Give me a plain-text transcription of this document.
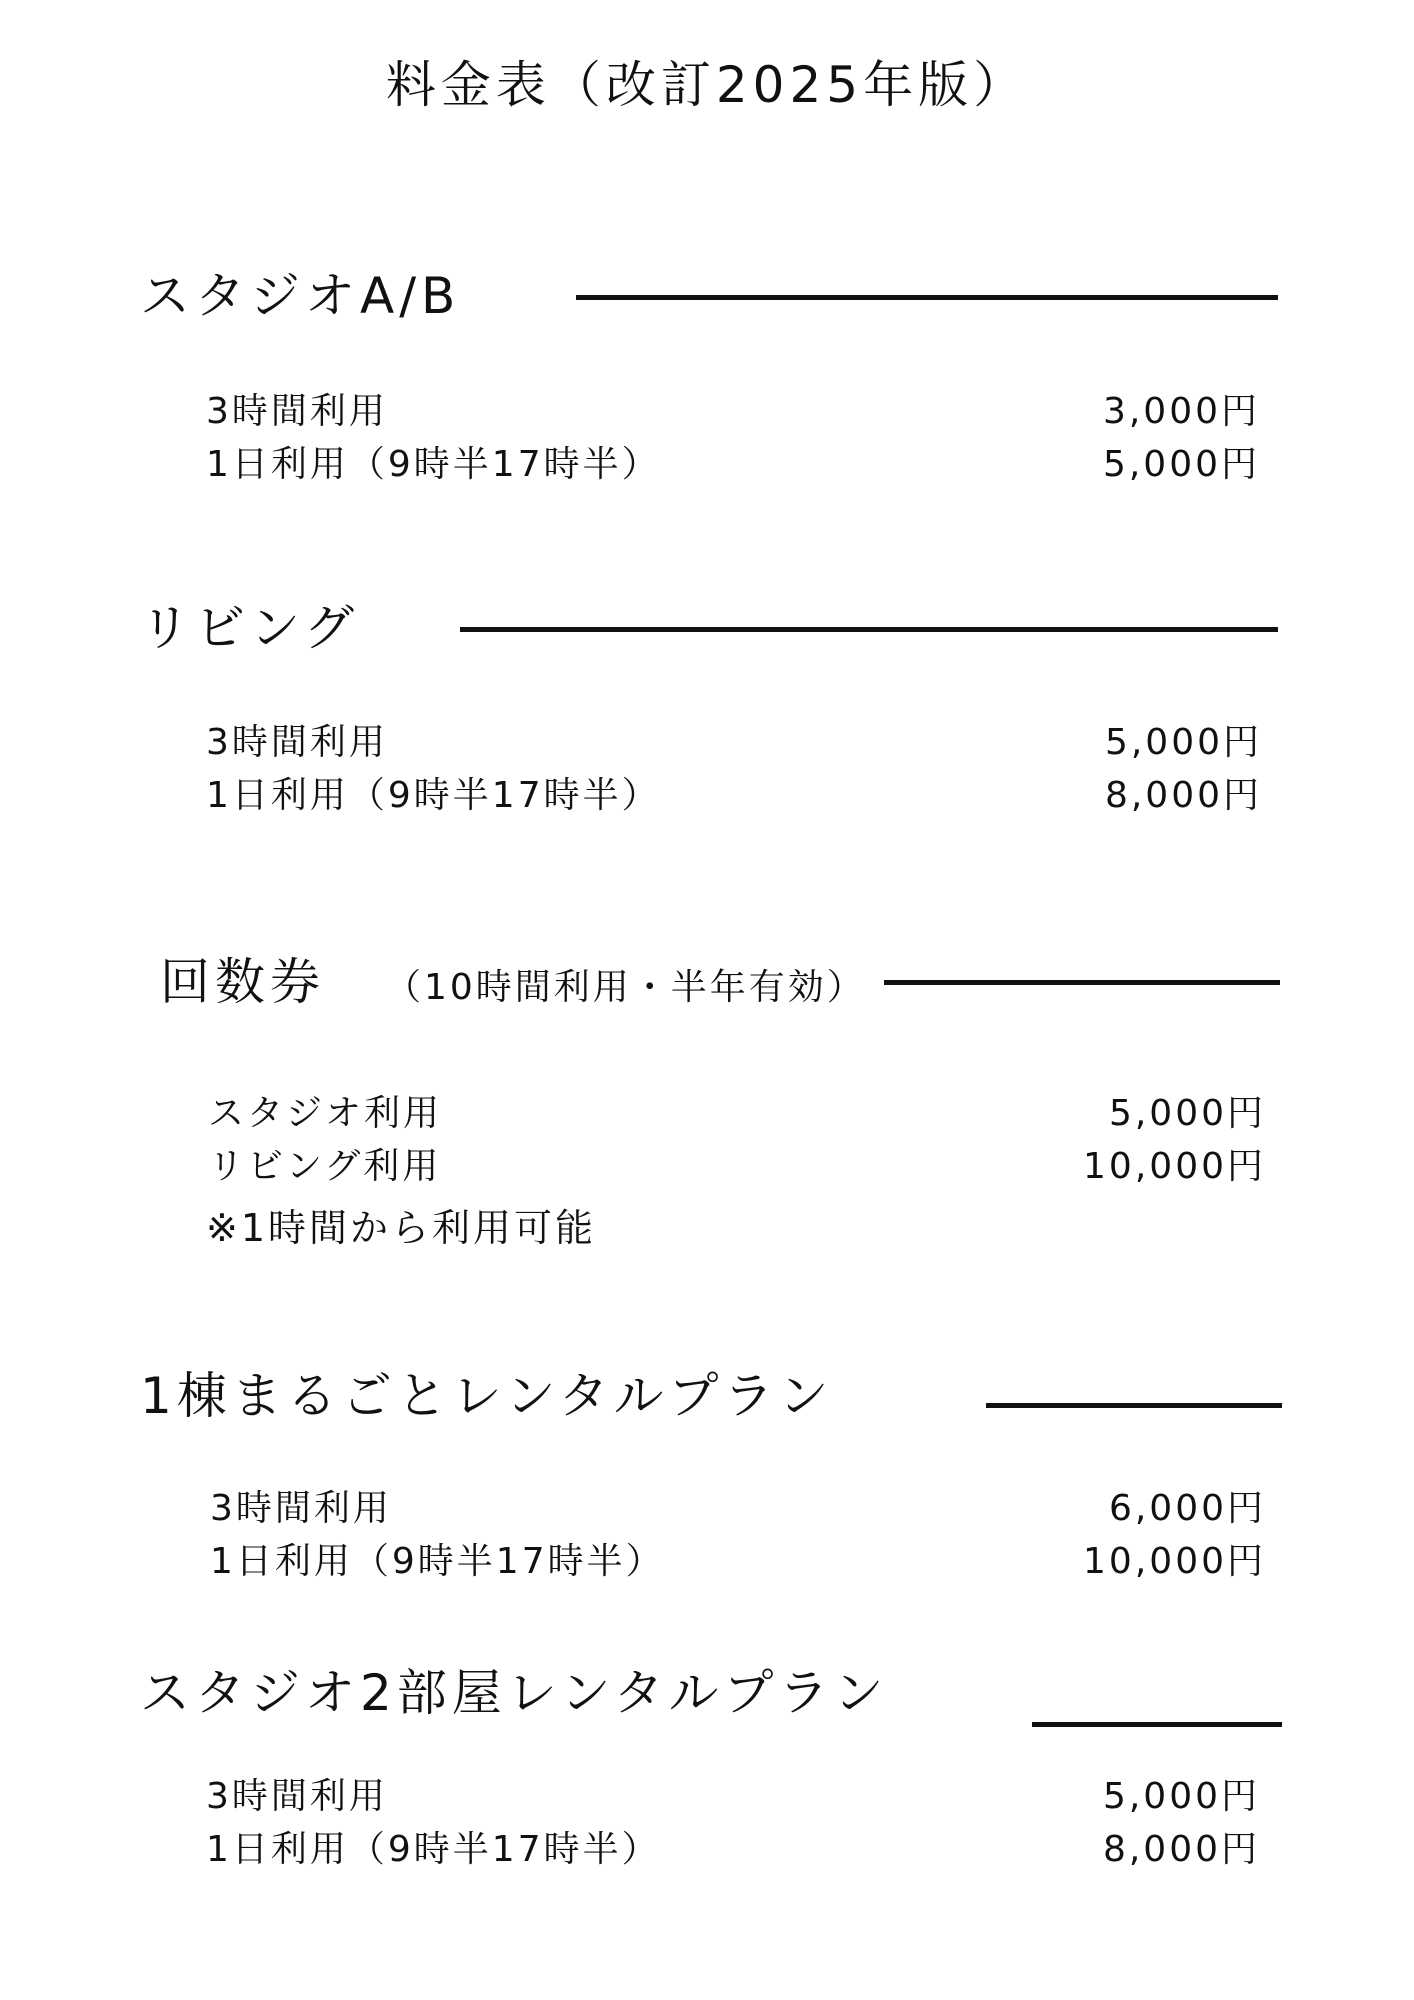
料金表（改訂2025年版）
スタジオA/B
3時間利用	3,000円
1日利用（9時半17時半）	5,000円
リビング
3時間利用	5,000円
1日利用（9時半17時半）	8,000円
回数券 （10時間利用・半年有効）
スタジオ利用	5,000円
リビング利用	10,000円
※1時間から利用可能
1棟まるごとレンタルプラン
3時間利用	6,000円
1日利用（9時半17時半）	10,000円
スタジオ2部屋レンタルプラン
3時間利用	5,000円
1日利用（9時半17時半）	8,000円
